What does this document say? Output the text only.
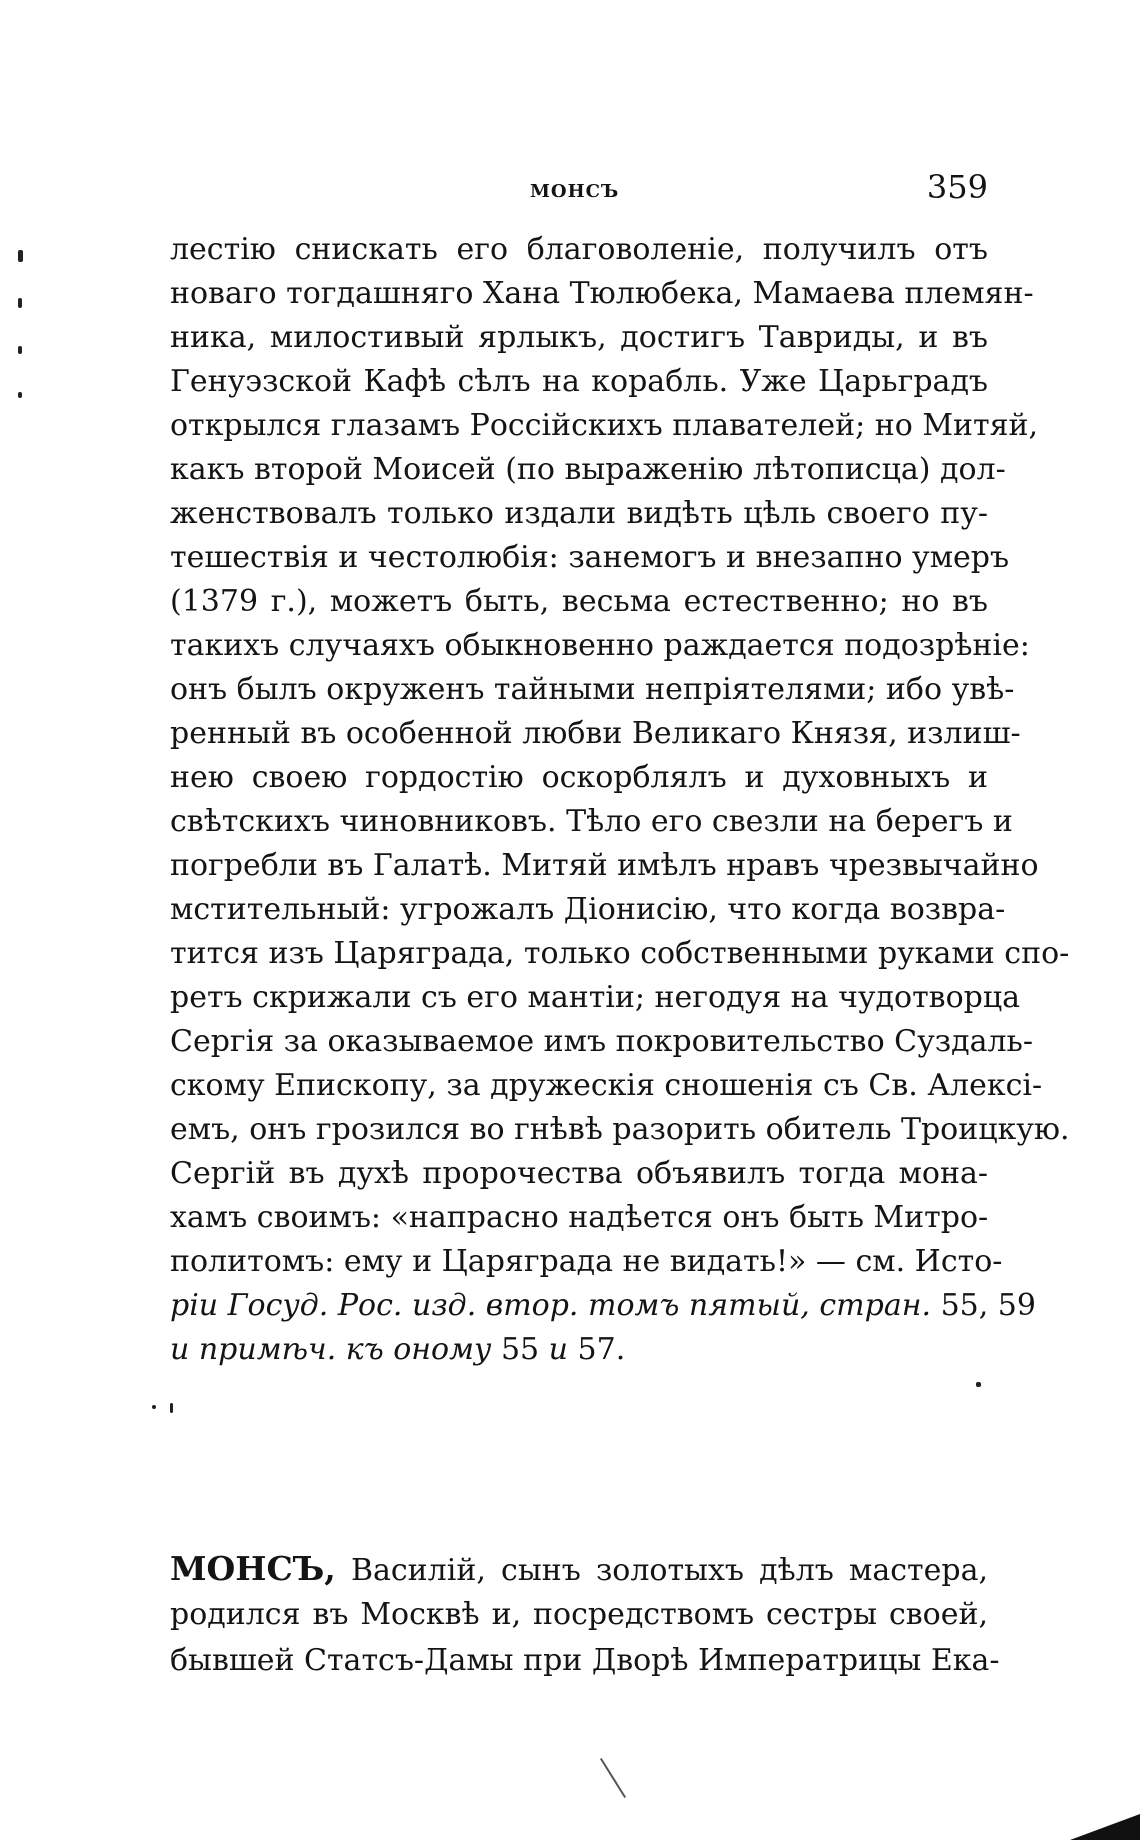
монсъ	359
лестію снискать его благоволеніе, получилъ отъ
новаго тогдашняго Хана Тюлюбека, Мамаева племян-
ника, милостивый ярлыкъ, достигъ Тавриды, и въ
Генуэзской Кафѣ сѣлъ на корабль. Уже Царьградъ
открылся глазамъ Россійскихъ плавателей; но Митяй,
какъ второй Моисей (по выраженію лѣтописца) дол-
женствовалъ только издали видѣть цѣль своего пу-
тешествія и честолюбія: занемогъ и внезапно умеръ
(1379 г.), можетъ быть, весьма естественно; но въ
такихъ случаяхъ обыкновенно раждается подозрѣніе:
онъ былъ окруженъ тайными непріятелями; ибо увѣ-
ренный въ особенной любви Великаго Князя, излиш-
нею своею гордостію оскорблялъ и духовныхъ и
свѣтскихъ чиновниковъ. Тѣло его свезли на берегъ и
погребли въ Галатѣ. Митяй имѣлъ нравъ чрезвычайно
мстительный: угрожалъ Діонисію, что когда возвра-
тится изъ Царяграда, только собственными руками спо-
ретъ скрижали съ его мантіи; негодуя на чудотворца
Сергія за оказываемое имъ покровительство Суздаль-
скому Епископу, за дружескія сношенія съ Св. Алексі-
емъ, онъ грозился во гнѣвѣ разорить обитель Троицкую.
Сергій въ духѣ пророчества объявилъ тогда мона-
хамъ своимъ: «напрасно надѣется онъ быть Митро-
политомъ: ему и Царяграда не видать!» — см. Исто-
ріи Госуд. Рос. изд. втор. томъ пятый, стран. 55, 59
и примѣч. къ оному 55 и 57.
МОНСЪ, Василій, сынъ золотыхъ дѣлъ мастера,
родился въ Москвѣ и, посредствомъ сестры своей,
бывшей Статсъ-Дамы при Дворѣ Императрицы Ека-
